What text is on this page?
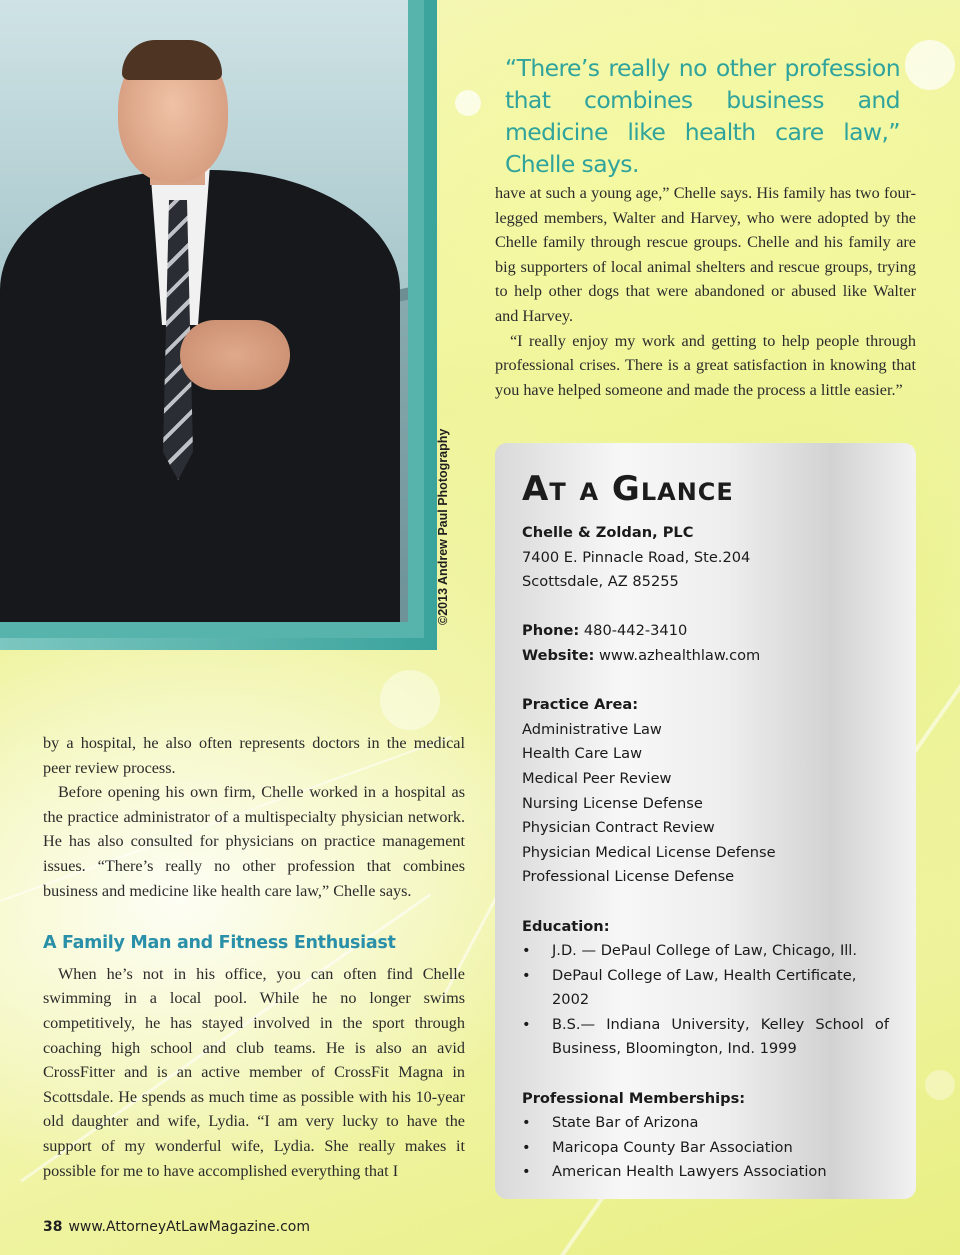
©2013 Andrew Paul Photography
“There’s really no other profession that combines business and medicine like health care law,” Chelle says.

have at such a young age,” Chelle says. His family has two four-legged members, Walter and Harvey, who were adopted by the Chelle family through rescue groups. Chelle and his family are big supporters of local animal shelters and rescue groups, trying to help other dogs that were abandoned or abused like Walter and Harvey.

“I really enjoy my work and getting to help people through professional crises. There is a great satisfaction in knowing that you have helped someone and made the process a little easier.”

by a hospital, he also often represents doctors in the medical peer review process.

Before opening his own firm, Chelle worked in a hospital as the practice administrator of a multispecialty physician network. He has also consulted for physicians on practice management issues. “There’s really no other profession that combines business and medicine like health care law,” Chelle says.

A Family Man and Fitness Enthusiast

When he’s not in his office, you can often find Chelle swimming in a local pool. While he no longer swims competitively, he has stayed involved in the sport through coaching high school and club teams. He is also an avid CrossFitter and is an active member of CrossFit Magna in Scottsdale. He spends as much time as possible with his 10-year old daughter and wife, Lydia. “I am very lucky to have the support of my wonderful wife, Lydia. She really makes it possible for me to have accomplished everything that I

At a Glance
Chelle & Zoldan, PLC
7400 E. Pinnacle Road, Ste.204
Scottsdale, AZ 85255
Phone: 480-442-3410
Website: www.azhealthlaw.com
Practice Area:
Administrative Law
Health Care Law
Medical Peer Review
Nursing License Defense
Physician Contract Review
Physician Medical License Defense
Professional License Defense
Education:
•	J.D. — DePaul College of Law, Chicago, Ill.
•	DePaul College of Law, Health Certificate, 2002
•	B.S.— Indiana University, Kelley School of
Business, Bloomington, Ind. 1999
Professional Memberships:
•	State Bar of Arizona
•	Maricopa County Bar Association
•	American Health Lawyers Association
38 www.AttorneyAtLawMagazine.com
